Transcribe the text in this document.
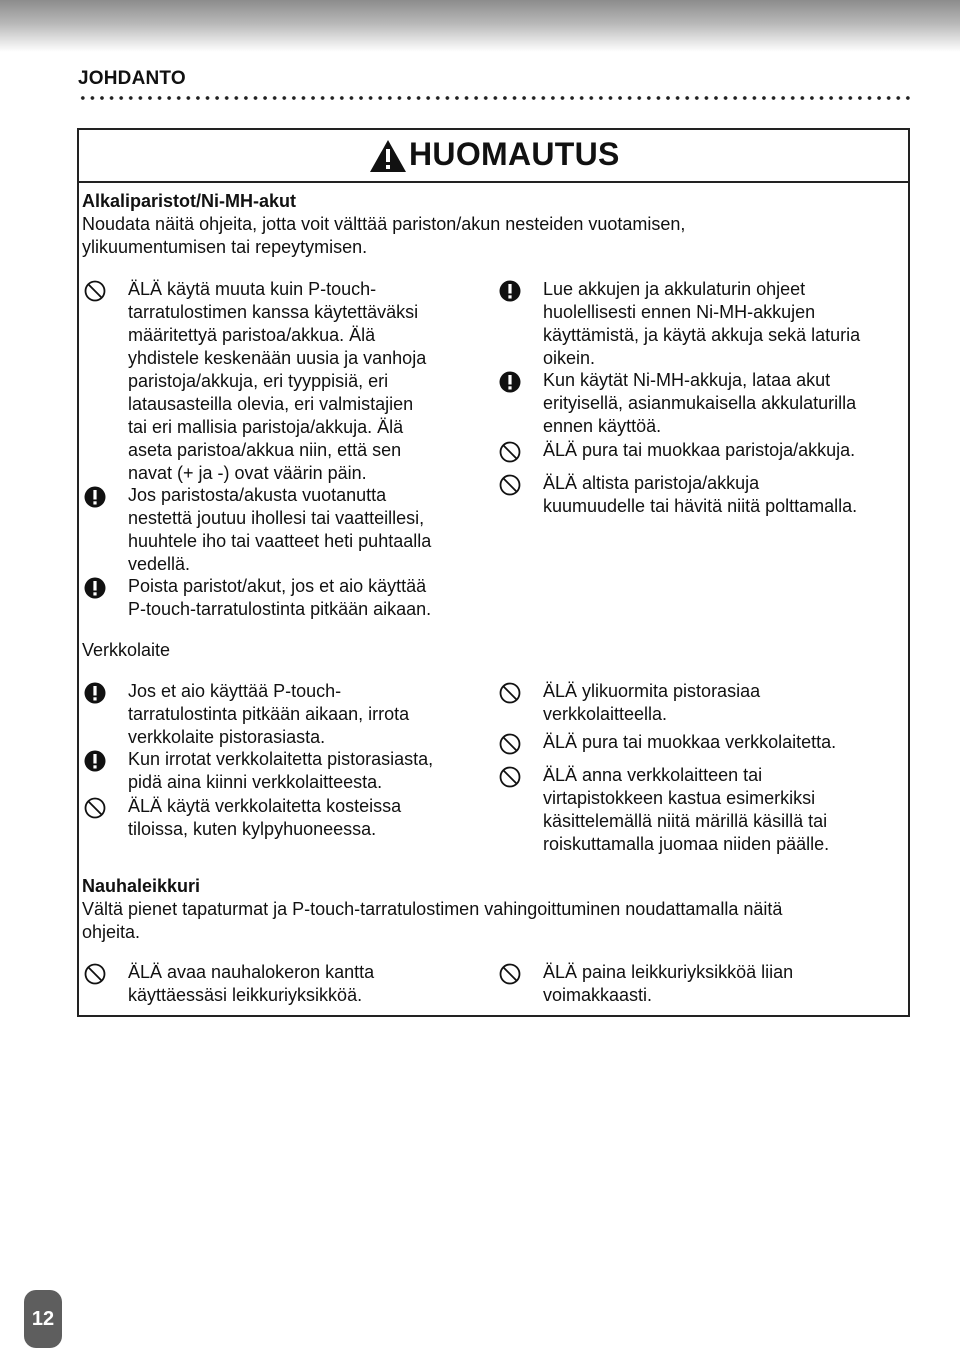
JOHDANTO
HUOMAUTUS
Alkaliparistot/Ni-MH-akut
Noudata näitä ohjeita, jotta voit välttää pariston/akun nesteiden vuotamisen,
ylikuumentumisen tai repeytymisen.
ÄLÄ käytä muuta kuin P-touch-
tarratulostimen kanssa käytettäväksi
määritettyä paristoa/akkua. Älä
yhdistele keskenään uusia ja vanhoja
paristoja/akkuja, eri tyyppisiä, eri
latausasteilla olevia, eri valmistajien
tai eri mallisia paristoja/akkuja. Älä
aseta paristoa/akkua niin, että sen
navat (+ ja -) ovat väärin päin.
Jos paristosta/akusta vuotanutta
nestettä joutuu ihollesi tai vaatteillesi,
huuhtele iho tai vaatteet heti puhtaalla
vedellä.
Poista paristot/akut, jos et aio käyttää
P-touch-tarratulostinta pitkään aikaan.
Lue akkujen ja akkulaturin ohjeet
huolellisesti ennen Ni-MH-akkujen
käyttämistä, ja käytä akkuja sekä laturia
oikein.
Kun käytät Ni-MH-akkuja, lataa akut
erityisellä, asianmukaisella akkulaturilla
ennen käyttöä.
ÄLÄ pura tai muokkaa paristoja/akkuja.
ÄLÄ altista paristoja/akkuja
kuumuudelle tai hävitä niitä polttamalla.
Verkkolaite
Jos et aio käyttää P-touch-
tarratulostinta pitkään aikaan, irrota
verkkolaite pistorasiasta.
Kun irrotat verkkolaitetta pistorasiasta,
pidä aina kiinni verkkolaitteesta.
ÄLÄ käytä verkkolaitetta kosteissa
tiloissa, kuten kylpyhuoneessa.
ÄLÄ ylikuormita pistorasiaa
verkkolaitteella.
ÄLÄ pura tai muokkaa verkkolaitetta.
ÄLÄ anna verkkolaitteen tai
virtapistokkeen kastua esimerkiksi
käsittelemällä niitä märillä käsillä tai
roiskuttamalla juomaa niiden päälle.
Nauhaleikkuri
Vältä pienet tapaturmat ja P-touch-tarratulostimen vahingoittuminen noudattamalla näitä
ohjeita.
ÄLÄ avaa nauhalokeron kantta
käyttäessäsi leikkuriyksikköä.
ÄLÄ paina leikkuriyksikköä liian
voimakkaasti.
12
